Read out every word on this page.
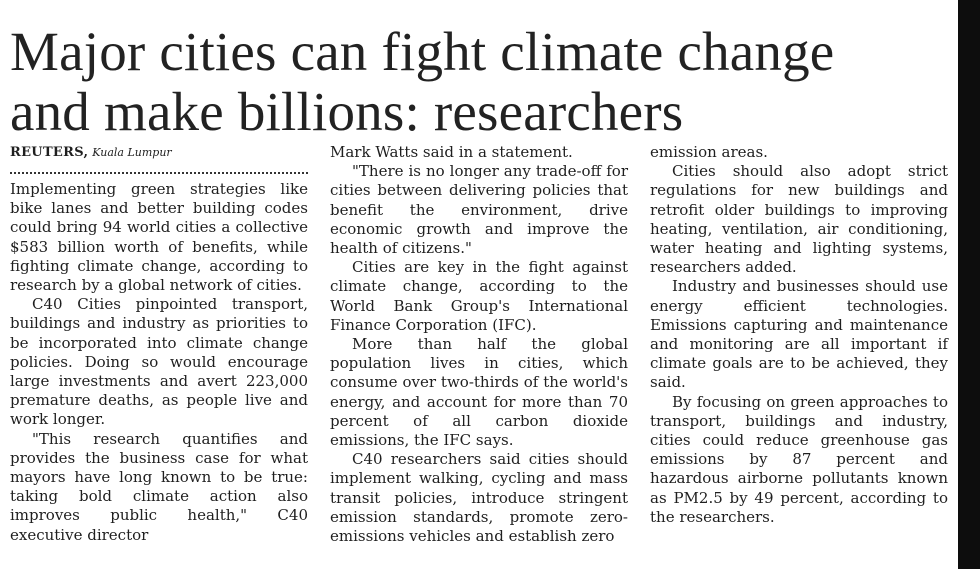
Major cities can fight climate change
and make billions: researchers
REUTERS, Kuala Lumpur

Implementing green strategies like bike lanes and better building codes could bring 94 world cities a collective $583 billion worth of benefits, while fighting climate change, according to research by a global network of cities.

C40 Cities pinpointed transport, buildings and industry as priorities to be incorporated into climate change policies. Doing so would encourage large investments and avert 223,000 premature deaths, as people live and work longer.

"This research quantifies and provides the business case for what mayors have long known to be true: taking bold climate action also improves public health," C40 executive director

Mark Watts said in a statement.

"There is no longer any trade-off for cities between delivering policies that benefit the environment, drive economic growth and improve the health of citizens."

Cities are key in the fight against climate change, according to the World Bank Group's International Finance Corporation (IFC).

More than half the global population lives in cities, which consume over two-thirds of the world's energy, and account for more than 70 percent of all carbon dioxide emissions, the IFC says.

C40 researchers said cities should implement walking, cycling and mass transit policies, introduce stringent emission standards, promote zero-emissions vehicles and establish zero

emission areas.

Cities should also adopt strict regulations for new buildings and retrofit older buildings to improving heating, ventilation, air conditioning, water heating and lighting systems, researchers added.

Industry and businesses should use energy efficient technologies. Emissions capturing and maintenance and monitoring are all important if climate goals are to be achieved, they said.

By focusing on green approaches to transport, buildings and industry, cities could reduce greenhouse gas emissions by 87 percent and hazardous airborne pollutants known as PM2.5 by 49 percent, according to the researchers.
